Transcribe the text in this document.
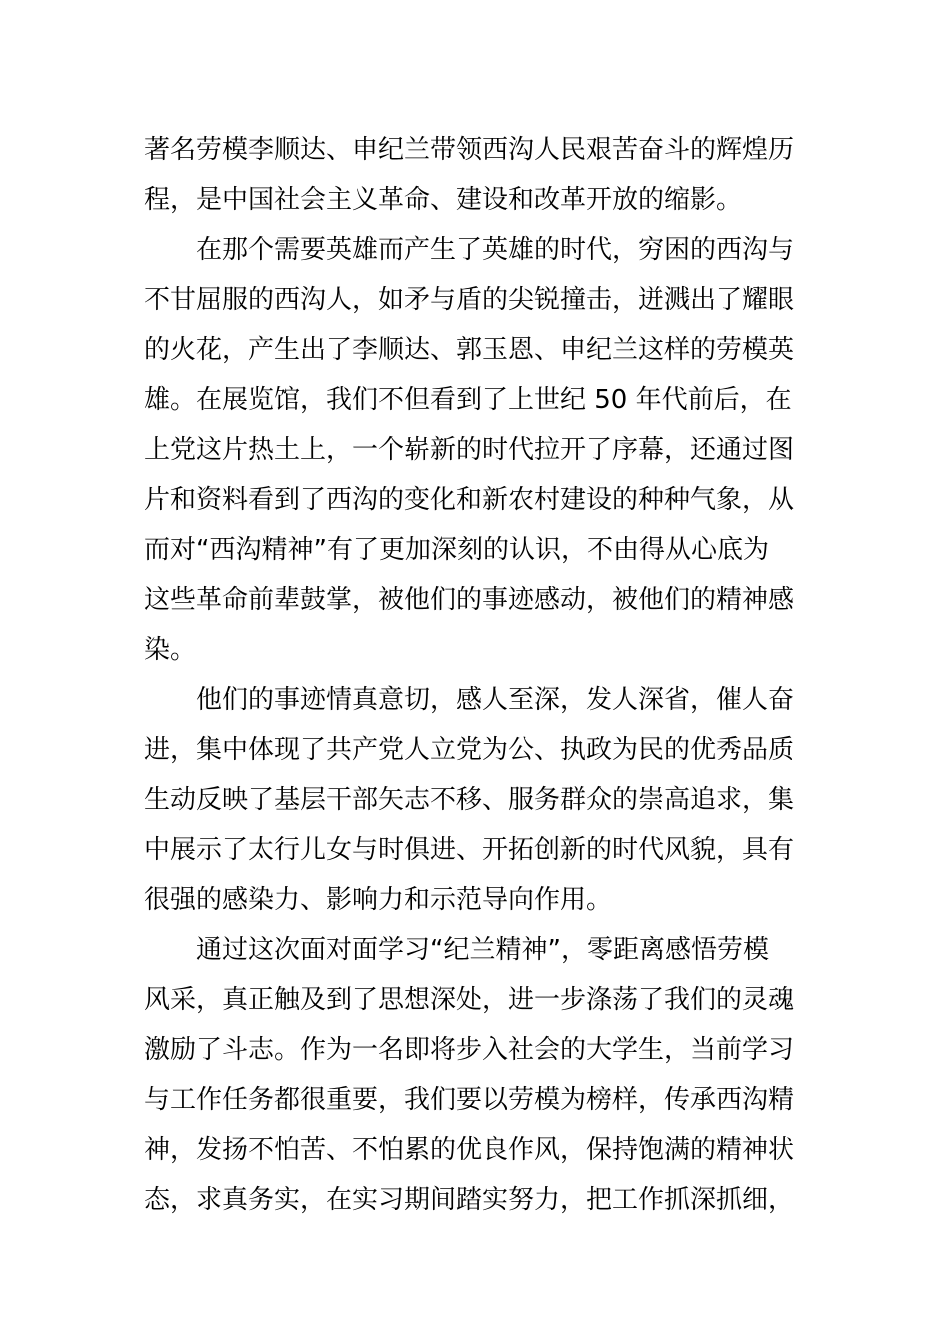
著名劳模李顺达、申纪兰带领西沟人民艰苦奋斗的辉煌历
程，是中国社会主义革命、建设和改革开放的缩影。
在那个需要英雄而产生了英雄的时代，穷困的西沟与
不甘屈服的西沟人，如矛与盾的尖锐撞击，迸溅出了耀眼
的火花，产生出了李顺达、郭玉恩、申纪兰这样的劳模英
雄。在展览馆，我们不但看到了上世纪 50 年代前后，在
上党这片热土上，一个崭新的时代拉开了序幕，还通过图
片和资料看到了西沟的变化和新农村建设的种种气象，从
而对“西沟精神”有了更加深刻的认识，不由得从心底为
这些革命前辈鼓掌，被他们的事迹感动，被他们的精神感
染。
他们的事迹情真意切，感人至深，发人深省，催人奋
进，集中体现了共产党人立党为公、执政为民的优秀品质
生动反映了基层干部矢志不移、服务群众的崇高追求，集
中展示了太行儿女与时俱进、开拓创新的时代风貌，具有
很强的感染力、影响力和示范导向作用。
通过这次面对面学习“纪兰精神”，零距离感悟劳模
风采，真正触及到了思想深处，进一步涤荡了我们的灵魂
激励了斗志。作为一名即将步入社会的大学生，当前学习
与工作任务都很重要，我们要以劳模为榜样，传承西沟精
神，发扬不怕苦、不怕累的优良作风，保持饱满的精神状
态，求真务实，在实习期间踏实努力，把工作抓深抓细，
